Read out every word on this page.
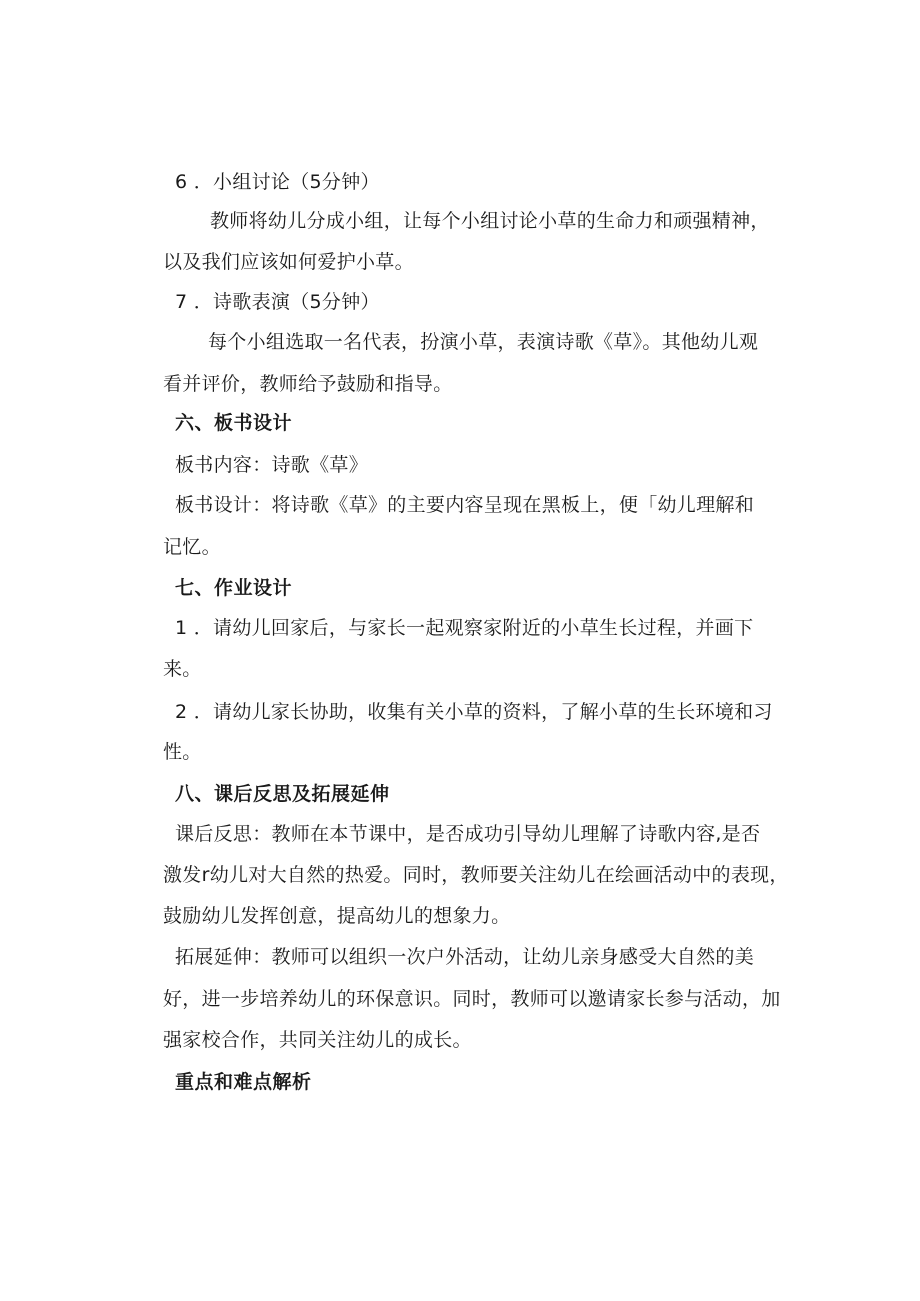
6 ．小组讨论（5分钟）
教师将幼儿分成小组，让每个小组讨论小草的生命力和顽强精神，
以及我们应该如何爱护小草。
7 ．诗歌表演（5分钟）
每个小组选取一名代表，扮演小草，表演诗歌《草》。其他幼儿观
看并评价，教师给予鼓励和指导。
六、板书设计
板书内容：诗歌《草》
板书设计：将诗歌《草》的主要内容呈现在黑板上，便「幼儿理解和
记忆。
七、作业设计
1 ．请幼儿回家后，与家长一起观察家附近的小草生长过程，并画下
来。
2 ．请幼儿家长协助，收集有关小草的资料，了解小草的生长环境和习
性。
八、课后反思及拓展延伸
课后反思：教师在本节课中，是否成功引导幼儿理解了诗歌内容,是否
激发r幼儿对大自然的热爱。同时，教师要关注幼儿在绘画活动中的表现，
鼓励幼儿发挥创意，提高幼儿的想象力。
拓展延伸：教师可以组织一次户外活动，让幼儿亲身感受大自然的美
好，进一步培养幼儿的环保意识。同时，教师可以邀请家长参与活动，加
强家校合作，共同关注幼儿的成长。
重点和难点解析
